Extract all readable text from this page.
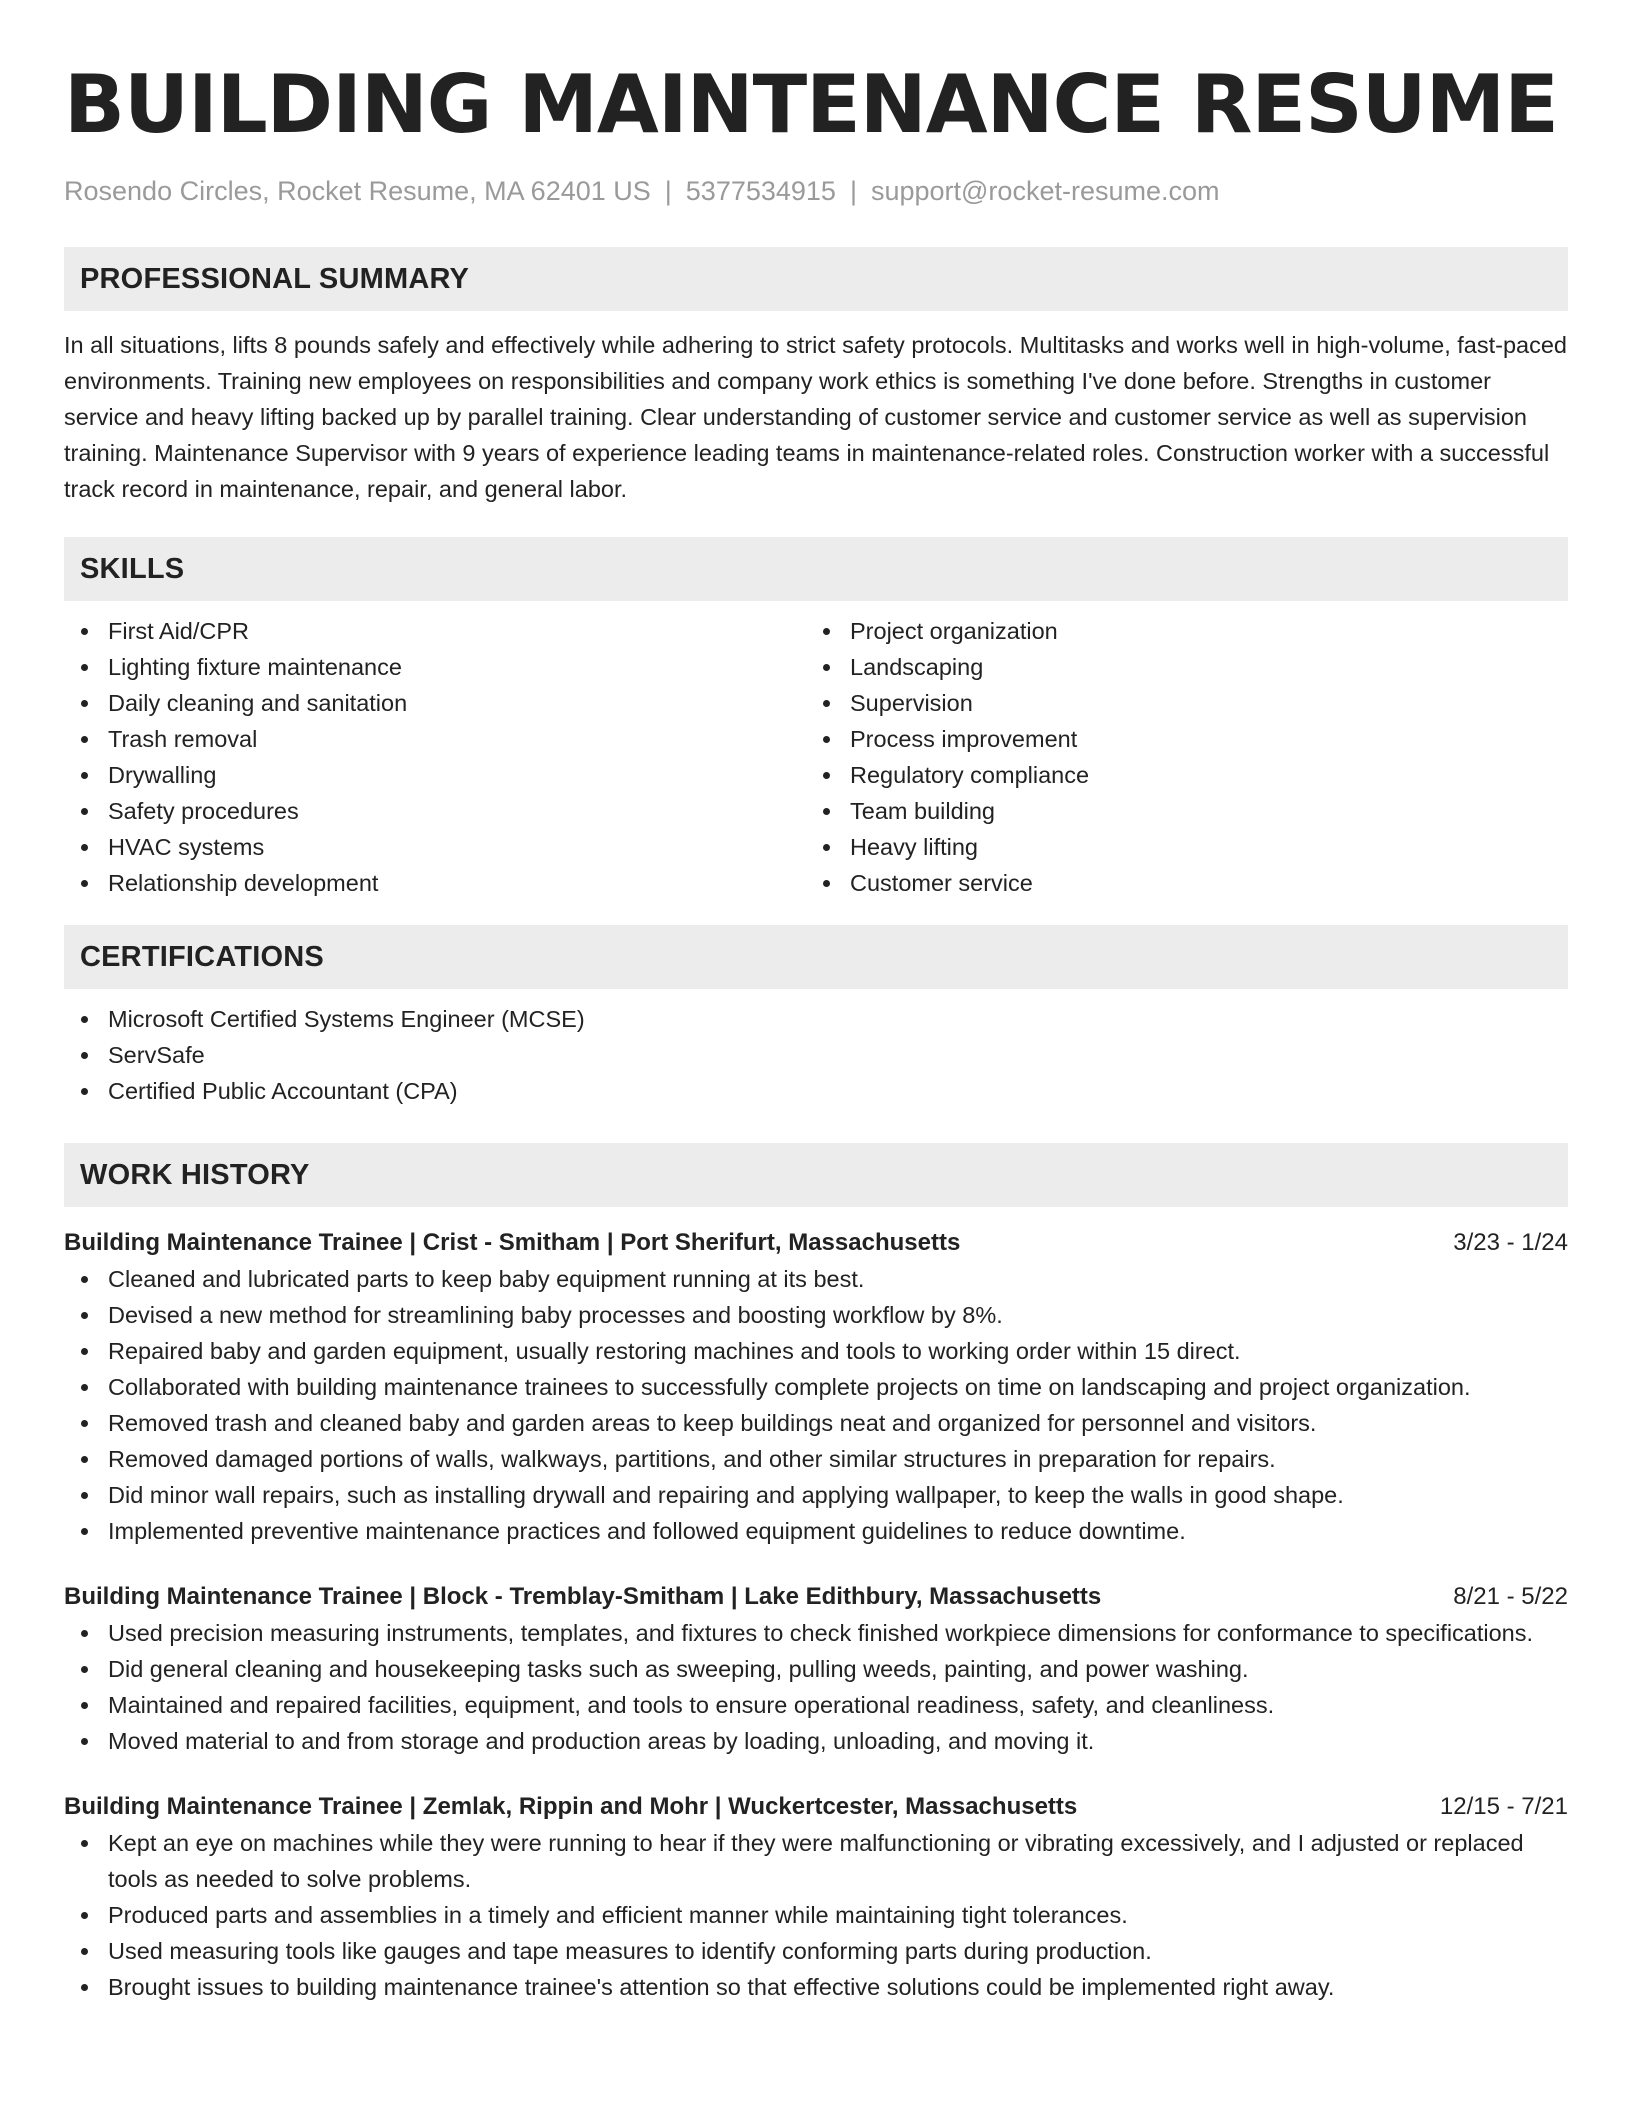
BUILDING MAINTENANCE RESUME
Rosendo Circles, Rocket Resume, MA 62401 US | 5377534915 | support@rocket-resume.com
PROFESSIONAL SUMMARY
In all situations, lifts 8 pounds safely and effectively while adhering to strict safety protocols. Multitasks and works well in high-volume, fast-paced environments. Training new employees on responsibilities and company work ethics is something I've done before. Strengths in customer service and heavy lifting backed up by parallel training. Clear understanding of customer service and customer service as well as supervision training. Maintenance Supervisor with 9 years of experience leading teams in maintenance-related roles. Construction worker with a successful track record in maintenance, repair, and general labor.
SKILLS
First Aid/CPR
Lighting fixture maintenance
Daily cleaning and sanitation
Trash removal
Drywalling
Safety procedures
HVAC systems
Relationship development
Project organization
Landscaping
Supervision
Process improvement
Regulatory compliance
Team building
Heavy lifting
Customer service
CERTIFICATIONS
Microsoft Certified Systems Engineer (MCSE)
ServSafe
Certified Public Accountant (CPA)
WORK HISTORY
Building Maintenance Trainee | Crist - Smitham | Port Sherifurt, Massachusetts	3/23 - 1/24
Cleaned and lubricated parts to keep baby equipment running at its best.
Devised a new method for streamlining baby processes and boosting workflow by 8%.
Repaired baby and garden equipment, usually restoring machines and tools to working order within 15 direct.
Collaborated with building maintenance trainees to successfully complete projects on time on landscaping and project organization.
Removed trash and cleaned baby and garden areas to keep buildings neat and organized for personnel and visitors.
Removed damaged portions of walls, walkways, partitions, and other similar structures in preparation for repairs.
Did minor wall repairs, such as installing drywall and repairing and applying wallpaper, to keep the walls in good shape.
Implemented preventive maintenance practices and followed equipment guidelines to reduce downtime.
Building Maintenance Trainee | Block - Tremblay-Smitham | Lake Edithbury, Massachusetts	8/21 - 5/22
Used precision measuring instruments, templates, and fixtures to check finished workpiece dimensions for conformance to specifications.
Did general cleaning and housekeeping tasks such as sweeping, pulling weeds, painting, and power washing.
Maintained and repaired facilities, equipment, and tools to ensure operational readiness, safety, and cleanliness.
Moved material to and from storage and production areas by loading, unloading, and moving it.
Building Maintenance Trainee | Zemlak, Rippin and Mohr | Wuckertcester, Massachusetts	12/15 - 7/21
Kept an eye on machines while they were running to hear if they were malfunctioning or vibrating excessively, and I adjusted or replaced tools as needed to solve problems.
Produced parts and assemblies in a timely and efficient manner while maintaining tight tolerances.
Used measuring tools like gauges and tape measures to identify conforming parts during production.
Brought issues to building maintenance trainee's attention so that effective solutions could be implemented right away.
